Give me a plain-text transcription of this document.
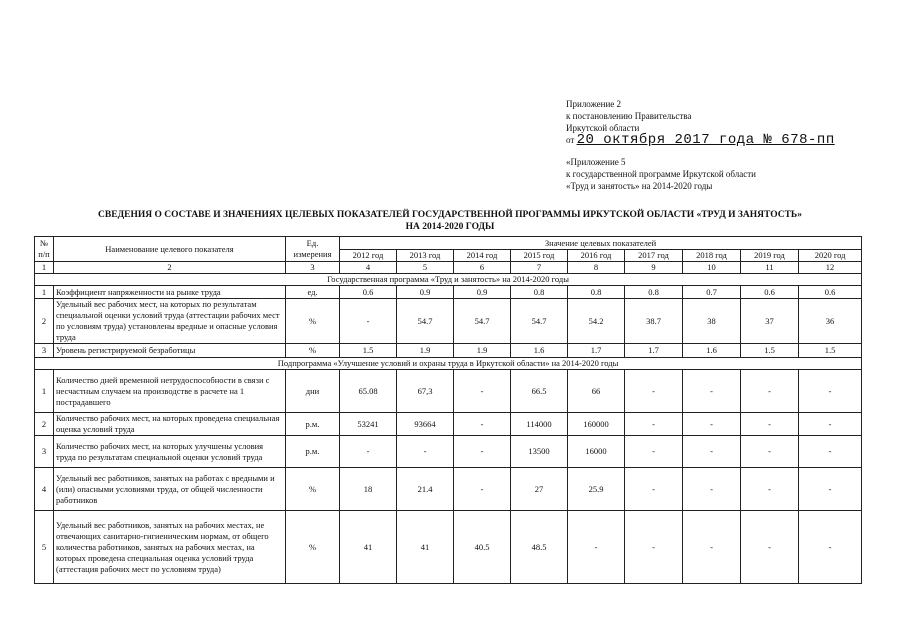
Приложение 2
к постановлению Правительства
Иркутской области
от 20 октября 2017 года № 678-пп
«Приложение 5
к государственной программе Иркутской области
«Труд и занятость» на 2014-2020 годы
СВЕДЕНИЯ О СОСТАВЕ И ЗНАЧЕНИЯХ ЦЕЛЕВЫХ ПОКАЗАТЕЛЕЙ ГОСУДАРСТВЕННОЙ ПРОГРАММЫ ИРКУТСКОЙ ОБЛАСТИ «ТРУД И ЗАНЯТОСТЬ»
НА 2014-2020 ГОДЫ
№ п/п	Наименование целевого показателя	Ед. измерения	Значение целевых показателей								
			2012 год	2013 год	2014 год	2015 год	2016 год	2017 год	2018 год	2019 год	2020 год
1	2	3	4	5	6	7	8	9	10	11	12
Государственная программа «Труд и занятость» на 2014-2020 годы											
1	Коэффициент напряженности на рынке труда	ед.	0.6	0.9	0.9	0.8	0.8	0.8	0.7	0.6	0.6
2	Удельный вес рабочих мест, на которых по результатам специальной оценки условий труда (аттестации рабочих мест по условиям труда) установлены вредные и опасные условия труда	%	-	54.7	54.7	54.7	54.2	38.7	38	37	36
3	Уровень регистрируемой безработицы	%	1.5	1.9	1.9	1.6	1.7	1.7	1.6	1.5	1.5
Подпрограмма «Улучшение условий и охраны труда в Иркутской области» на 2014-2020 годы											
1	Количество дней временной нетрудоспособности в связи с несчастным случаем на производстве в расчете на 1 пострадавшего	дни	65.08	67,3	-	66.5	66	-	-	-	-
2	Количество рабочих мест, на которых проведена специальная оценка условий труда	р.м.	53241	93664	-	114000	160000	-	-	-	-
3	Количество рабочих мест, на которых улучшены условия труда по результатам специальной оценки условий труда	р.м.	-	-	-	13500	16000	-	-	-	-
4	Удельный вес работников, занятых на работах с вредными и (или) опасными условиями труда, от общей численности работников	%	18	21.4	-	27	25.9	-	-	-	-
5	Удельный вес работников, занятых на рабочих местах, не отвечающих санитарно-гигиеническим нормам, от общего количества работников, занятых на рабочих местах, на которых проведена специальная оценка условий труда (аттестация рабочих мест по условиям труда)	%	41	41	40.5	48.5	-	-	-	-	-
